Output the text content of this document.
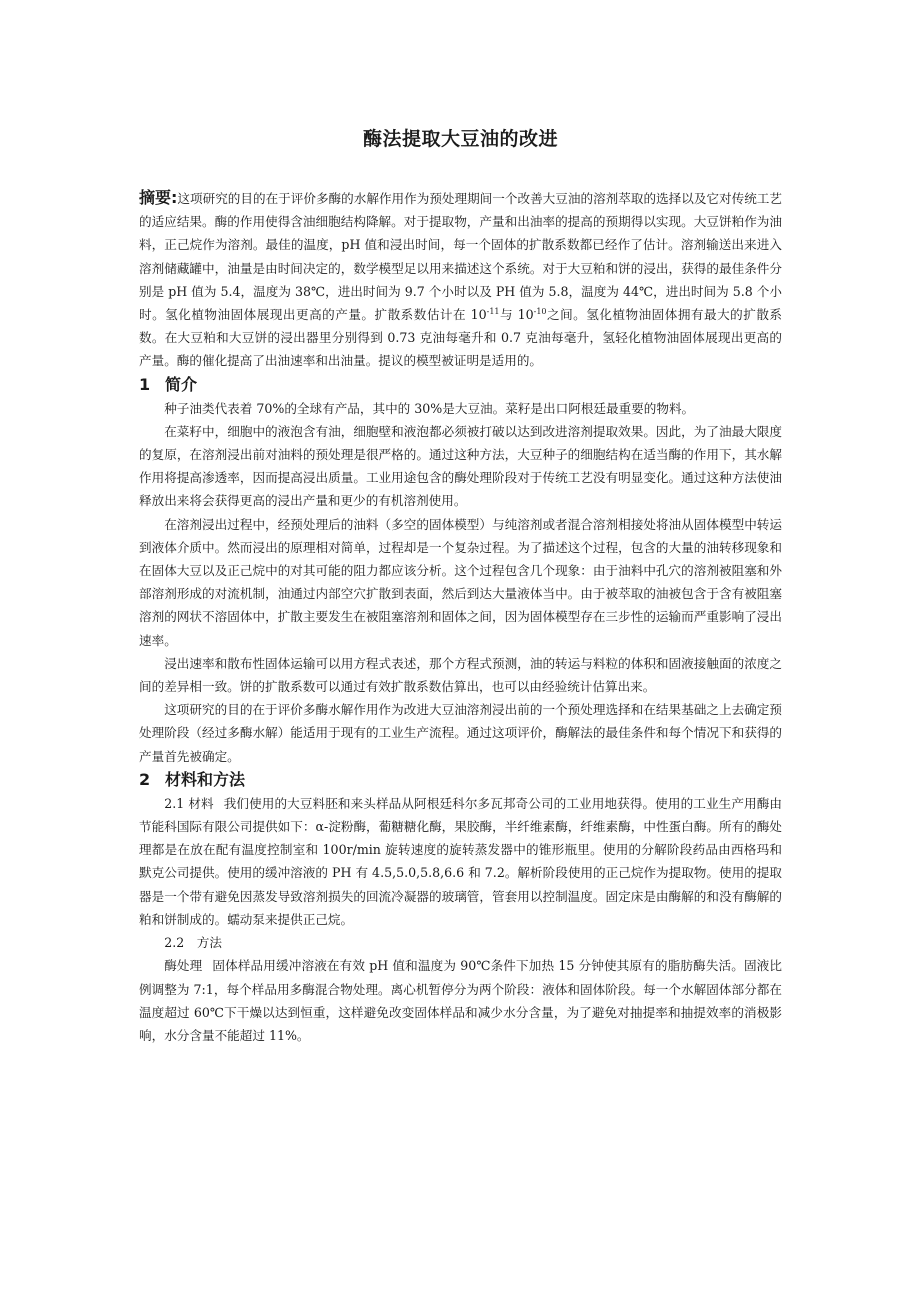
酶法提取大豆油的改进
摘要:这项研究的目的在于评价多酶的水解作用作为预处理期间一个改善大豆油的溶剂萃取的选择以及它对传统工艺的适应结果。酶的作用使得含油细胞结构降解。对于提取物，产量和出油率的提高的预期得以实现。大豆饼粕作为油料，正己烷作为溶剂。最佳的温度，pH 值和浸出时间，每一个固体的扩散系数都已经作了估计。溶剂输送出来进入溶剂储藏罐中，油量是由时间决定的，数学模型足以用来描述这个系统。对于大豆粕和饼的浸出，获得的最佳条件分别是 pH 值为 5.4，温度为 38℃，进出时间为 9.7 个小时以及 PH 值为 5.8，温度为 44℃，进出时间为 5.8 个小时。氢化植物油固体展现出更高的产量。扩散系数估计在 $10^{-11}$与 $10^{-10}$之间。氢化植物油固体拥有最大的扩散系数。在大豆粕和大豆饼的浸出器里分别得到 0.73 克油每毫升和 0.7 克油每毫升，氢轻化植物油固体展现出更高的产量。酶的催化提高了出油速率和出油量。提议的模型被证明是适用的。
1 简介

种子油类代表着 70%的全球有产品，其中的 30%是大豆油。菜籽是出口阿根廷最重要的物料。

在菜籽中，细胞中的液泡含有油，细胞壁和液泡都必须被打破以达到改进溶剂提取效果。因此，为了油最大限度的复原，在溶剂浸出前对油料的预处理是很严格的。通过这种方法，大豆种子的细胞结构在适当酶的作用下，其水解作用将提高渗透率，因而提高浸出质量。工业用途包含的酶处理阶段对于传统工艺没有明显变化。通过这种方法使油释放出来将会获得更高的浸出产量和更少的有机溶剂使用。

在溶剂浸出过程中，经预处理后的油料（多空的固体模型）与纯溶剂或者混合溶剂相接处将油从固体模型中转运到液体介质中。然而浸出的原理相对简单，过程却是一个复杂过程。为了描述这个过程，包含的大量的油转移现象和在固体大豆以及正己烷中的对其可能的阻力都应该分析。这个过程包含几个现象：由于油料中孔穴的溶剂被阻塞和外部溶剂形成的对流机制，油通过内部空穴扩散到表面，然后到达大量液体当中。由于被萃取的油被包含于含有被阻塞溶剂的网状不溶固体中，扩散主要发生在被阻塞溶剂和固体之间，因为固体模型存在三步性的运输而严重影响了浸出速率。

浸出速率和散布性固体运输可以用方程式表述，那个方程式预测，油的转运与料粒的体积和固液接触面的浓度之间的差异相一致。饼的扩散系数可以通过有效扩散系数估算出，也可以由经验统计估算出来。

这项研究的目的在于评价多酶水解作用作为改进大豆油溶剂浸出前的一个预处理选择和在结果基础之上去确定预处理阶段（经过多酶水解）能适用于现有的工业生产流程。通过这项评价，酶解法的最佳条件和每个情况下和获得的产量首先被确定。

2 材料和方法

2.1 材料 我们使用的大豆料胚和来头样品从阿根廷科尔多瓦邦奇公司的工业用地获得。使用的工业生产用酶由节能科国际有限公司提供如下：α-淀粉酶，葡糖糖化酶，果胶酶，半纤维素酶，纤维素酶，中性蛋白酶。所有的酶处理都是在放在配有温度控制室和 100r/min 旋转速度的旋转蒸发器中的锥形瓶里。使用的分解阶段药品由西格玛和默克公司提供。使用的缓冲溶液的 PH 有 4.5,5.0,5.8,6.6 和 7.2。解析阶段使用的正己烷作为提取物。使用的提取器是一个带有避免因蒸发导致溶剂损失的回流冷凝器的玻璃管，管套用以控制温度。固定床是由酶解的和没有酶解的粕和饼制成的。蠕动泵来提供正己烷。

2.2　方法

酶处理 固体样品用缓冲溶液在有效 pH 值和温度为 90℃条件下加热 15 分钟使其原有的脂肪酶失活。固液比例调整为 7:1，每个样品用多酶混合物处理。离心机暂停分为两个阶段：液体和固体阶段。每一个水解固体部分都在温度超过 60℃下干燥以达到恒重，这样避免改变固体样品和减少水分含量，为了避免对抽提率和抽提效率的消极影响，水分含量不能超过 11%。
